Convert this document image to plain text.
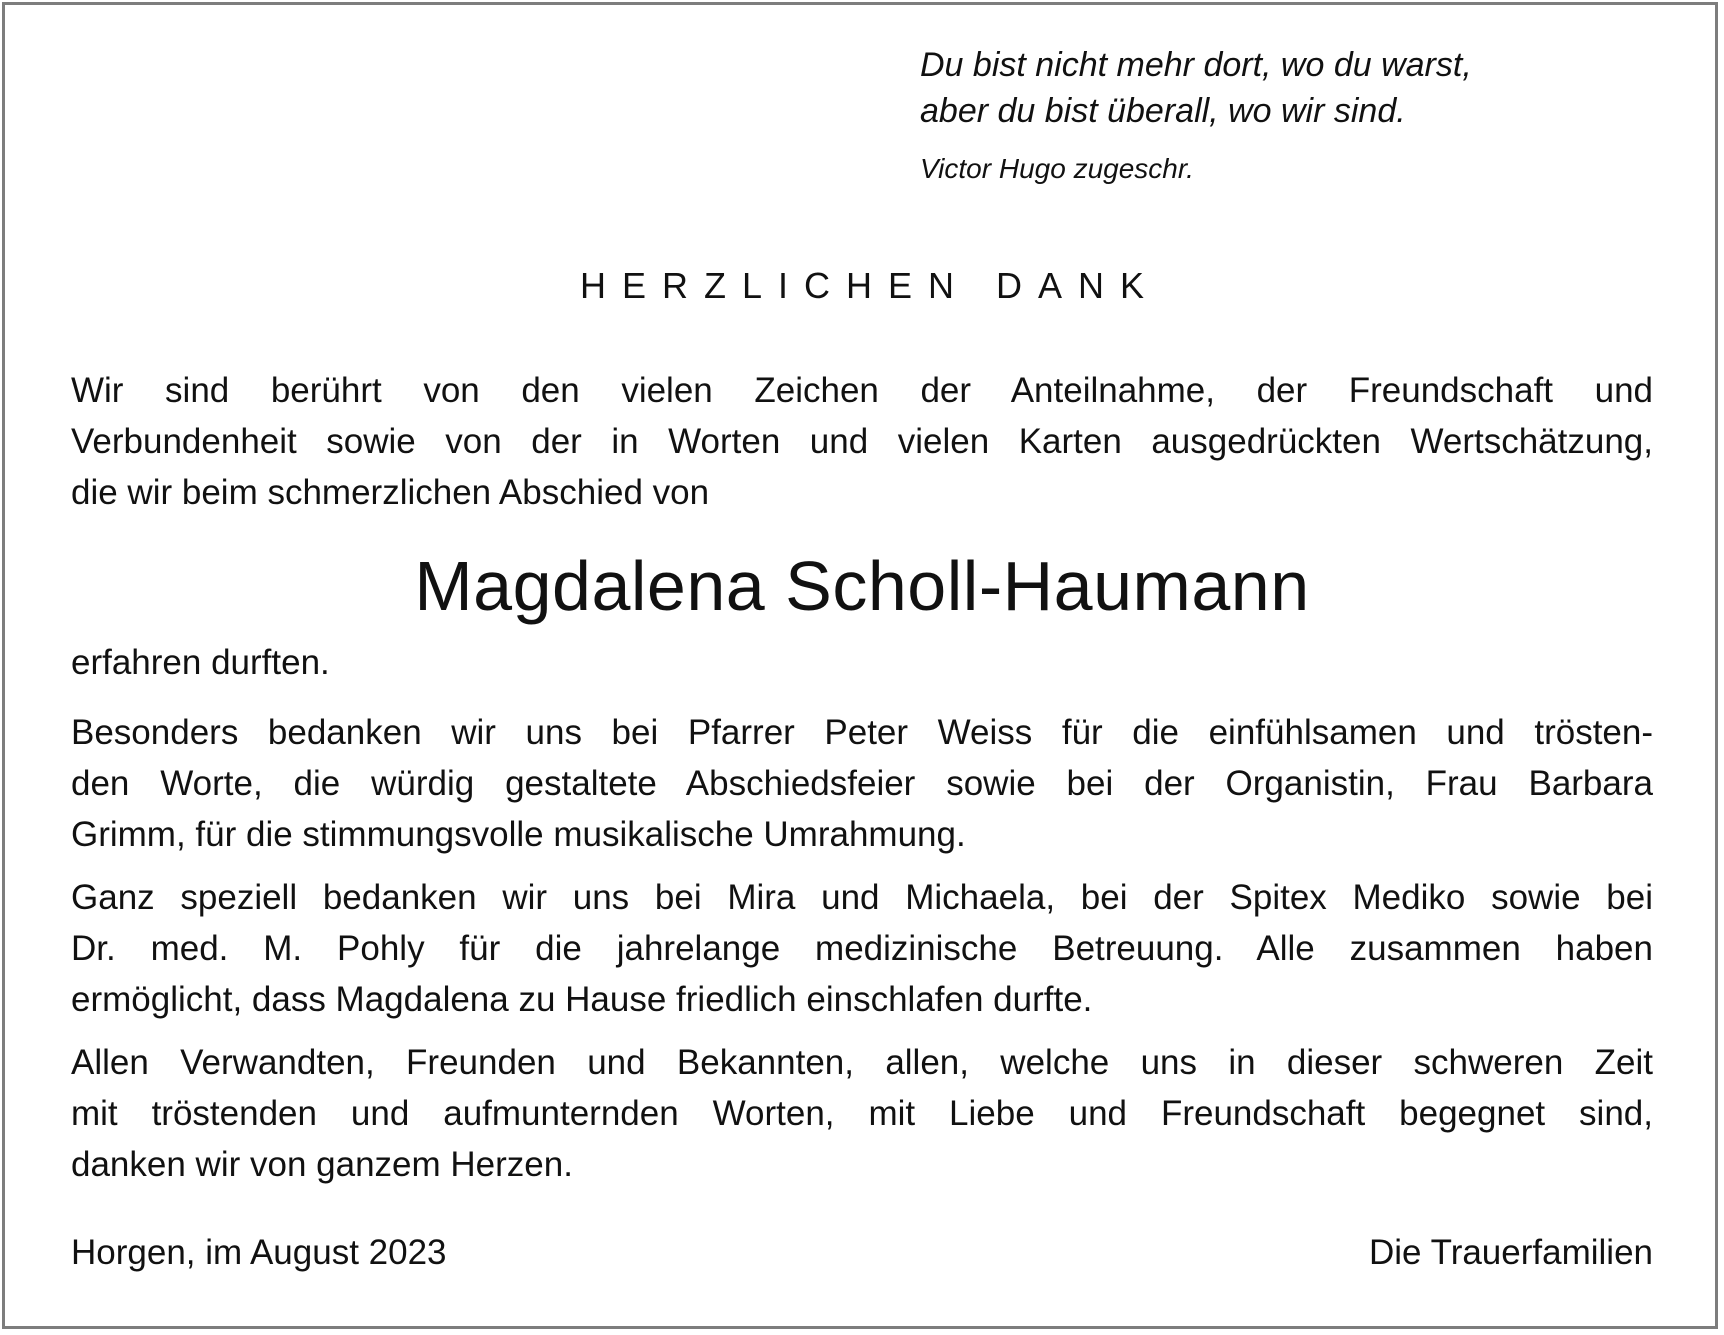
Du bist nicht mehr dort, wo du warst,
aber du bist überall, wo wir sind.
Victor Hugo zugeschr.
HERZLICHEN DANK
Wir sind berührt von den vielen Zeichen der Anteilnahme, der Freundschaft und
Verbundenheit sowie von der in Worten und vielen Karten ausgedrückten Wertschätzung,
die wir beim schmerzlichen Abschied von
Magdalena Scholl-Haumann
erfahren durften.
Besonders bedanken wir uns bei Pfarrer Peter Weiss für die einfühlsamen und trösten-
den Worte, die würdig gestaltete Abschiedsfeier sowie bei der Organistin, Frau Barbara
Grimm, für die stimmungsvolle musikalische Umrahmung.
Ganz speziell bedanken wir uns bei Mira und Michaela, bei der Spitex Mediko sowie bei
Dr. med. M. Pohly für die jahrelange medizinische Betreuung. Alle zusammen haben
ermöglicht, dass Magdalena zu Hause friedlich einschlafen durfte.
Allen Verwandten, Freunden und Bekannten, allen, welche uns in dieser schweren Zeit
mit tröstenden und aufmunternden Worten, mit Liebe und Freundschaft begegnet sind,
danken wir von ganzem Herzen.
Horgen, im August 2023	Die Trauerfamilien
